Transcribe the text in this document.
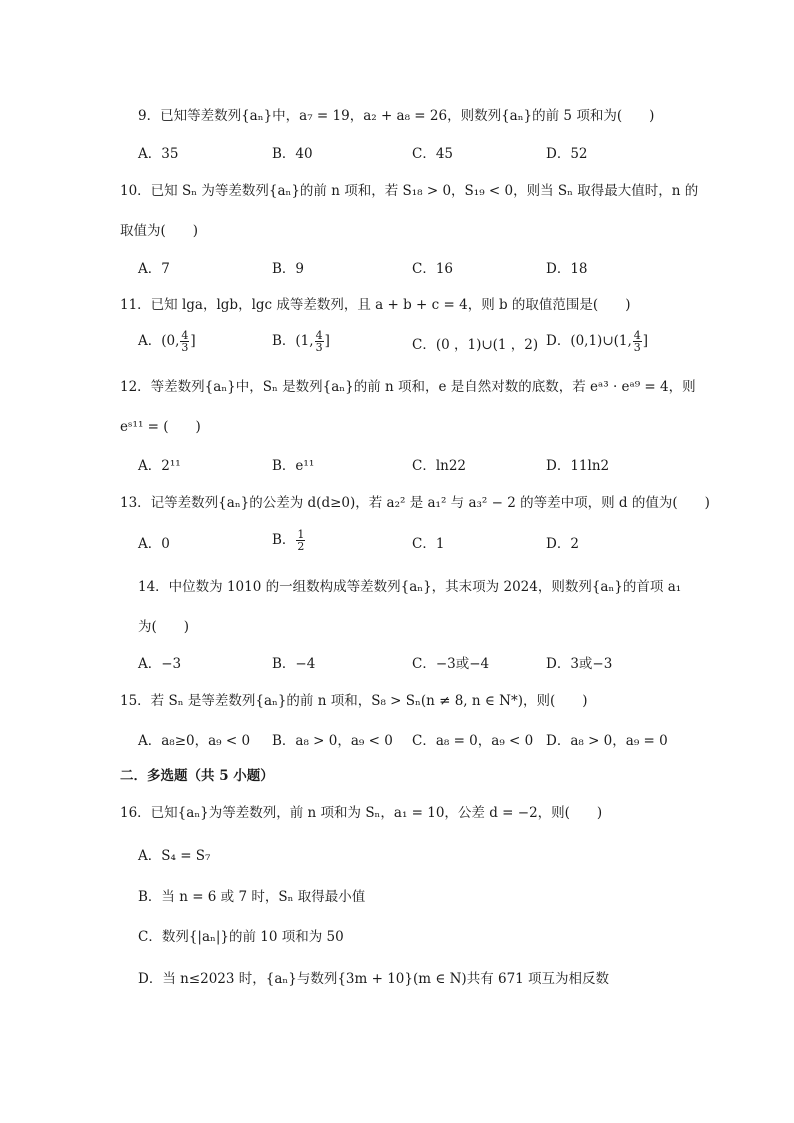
9．已知等差数列{aₙ}中，a₇ = 19，a₂ + a₈ = 26，则数列{aₙ}的前 5 项和为(　　)
A．35	B．40	C．45	D．52
10．已知 Sₙ 为等差数列{aₙ}的前 n 项和，若 S₁₈ > 0，S₁₉ < 0，则当 Sₙ 取得最大值时，n 的
取值为(　　)
A．7	B．9	C．16	D．18
11．已知 lga，lgb，lgc 成等差数列，且 a + b + c = 4，则 b 的取值范围是(　　)
A．(0, $\frac{4}{3}$ ]	B．(1, $\frac{4}{3}$ ]	C．(0 ，1)∪(1 ，2) D．(0,1)∪(1, $\frac{4}{3}$ ]
12．等差数列{aₙ}中，Sₙ 是数列{aₙ}的前 n 项和，e 是自然对数的底数，若 eᵃ³ · eᵃ⁹ = 4，则
eˢ¹¹ = (　　)
A．2¹¹	B．e¹¹	C．ln22	D．11ln2
13．记等差数列{aₙ}的公差为 d(d≥0)，若 a₂² 是 a₁² 与 a₃² − 2 的等差中项，则 d 的值为(　　)
A．0	B． $\frac{1}{2}$	C．1	D．2
14．中位数为 1010 的一组数构成等差数列{aₙ}，其末项为 2024，则数列{aₙ}的首项 a₁
为(　　)
A．−3	B．−4	C．−3或−4	D．3或−3
15．若 Sₙ 是等差数列{aₙ}的前 n 项和，S₈ > Sₙ(n ≠ 8, n ∈ N*)，则(　　)
A．a₈≥0，a₉ < 0 B．a₈ > 0，a₉ < 0 C．a₈ = 0，a₉ < 0 D．a₈ > 0，a₉ = 0
二．多选题（共 5 小题）
16．已知{aₙ}为等差数列，前 n 项和为 Sₙ，a₁ = 10，公差 d = −2，则(　　)
A．S₄ = S₇
B．当 n = 6 或 7 时，Sₙ 取得最小值
C．数列{|aₙ|}的前 10 项和为 50
D．当 n≤2023 时，{aₙ}与数列{3m + 10}(m ∈ N)共有 671 项互为相反数
